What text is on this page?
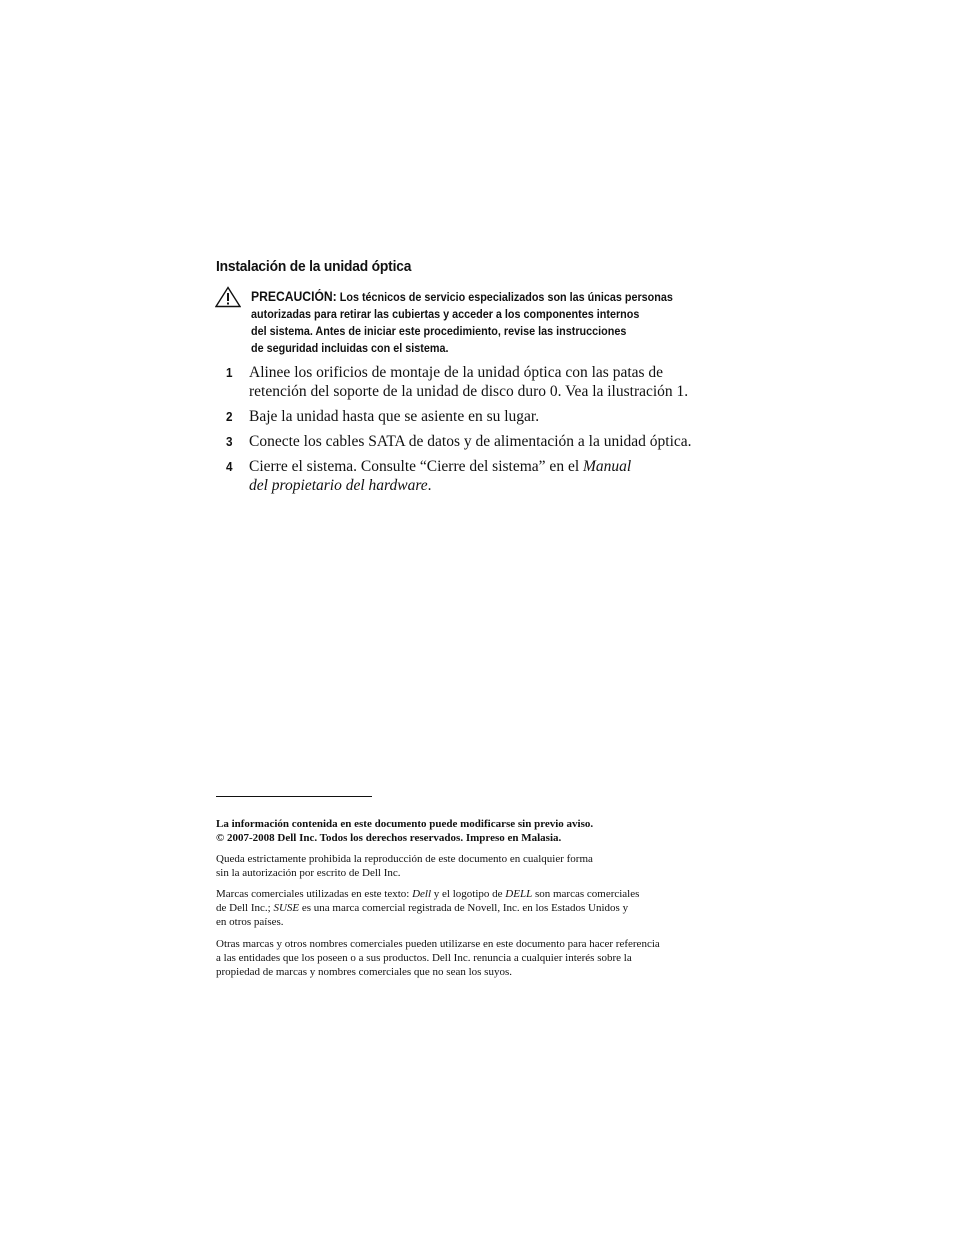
Instalación de la unidad óptica
PRECAUCIÓN: Los técnicos de servicio especializados son las únicas personas
autorizadas para retirar las cubiertas y acceder a los componentes internos
del sistema. Antes de iniciar este procedimiento, revise las instrucciones
de seguridad incluidas con el sistema.
1 Alinee los orificios de montaje de la unidad óptica con las patas de
retención del soporte de la unidad de disco duro 0. Vea la ilustración 1.
2 Baje la unidad hasta que se asiente en su lugar.
3 Conecte los cables SATA de datos y de alimentación a la unidad óptica.
4 Cierre el sistema. Consulte “Cierre del sistema” en el Manual
del propietario del hardware.
La información contenida en este documento puede modificarse sin previo aviso.
© 2007-2008 Dell Inc. Todos los derechos reservados. Impreso en Malasia.
Queda estrictamente prohibida la reproducción de este documento en cualquier forma
sin la autorización por escrito de Dell Inc.
Marcas comerciales utilizadas en este texto: Dell y el logotipo de DELL son marcas comerciales
de Dell Inc.; SUSE es una marca comercial registrada de Novell, Inc. en los Estados Unidos y
en otros países.
Otras marcas y otros nombres comerciales pueden utilizarse en este documento para hacer referencia
a las entidades que los poseen o a sus productos. Dell Inc. renuncia a cualquier interés sobre la
propiedad de marcas y nombres comerciales que no sean los suyos.
